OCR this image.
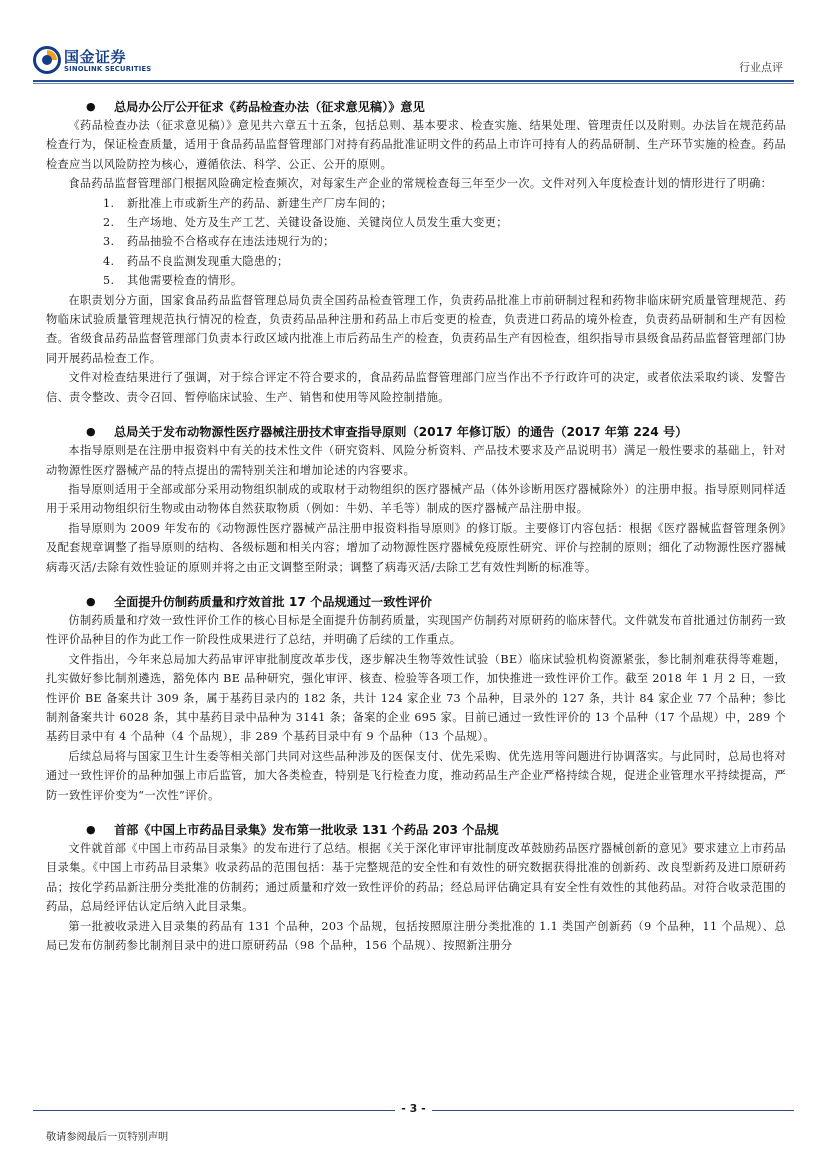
国金证券
SINOLINK SECURITIES	行业点评
● 总局办公厅公开征求《药品检查办法（征求意见稿）》意见

《药品检查办法（征求意见稿）》意见共六章五十五条，包括总则、基本要求、检查实施、结果处理、管理责任以及附则。办法旨在规范药品检查行为，保证检查质量，适用于食品药品监督管理部门对持有药品批准证明文件的药品上市许可持有人的药品研制、生产环节实施的检查。药品检查应当以风险防控为核心，遵循依法、科学、公正、公开的原则。

食品药品监督管理部门根据风险确定检查频次，对每家生产企业的常规检查每三年至少一次。文件对列入年度检查计划的情形进行了明确：

1. 新批准上市或新生产的药品、新建生产厂房车间的；
2. 生产场地、处方及生产工艺、关键设备设施、关键岗位人员发生重大变更；
3. 药品抽验不合格或存在违法违规行为的；
4. 药品不良监测发现重大隐患的；
5. 其他需要检查的情形。

在职责划分方面，国家食品药品监督管理总局负责全国药品检查管理工作，负责药品批准上市前研制过程和药物非临床研究质量管理规范、药物临床试验质量管理规范执行情况的检查，负责药品品种注册和药品上市后变更的检查，负责进口药品的境外检查，负责药品研制和生产有因检查。省级食品药品监督管理部门负责本行政区域内批准上市后药品生产的检查，负责药品生产有因检查，组织指导市县级食品药品监督管理部门协同开展药品检查工作。

文件对检查结果进行了强调，对于综合评定不符合要求的，食品药品监督管理部门应当作出不予行政许可的决定，或者依法采取约谈、发警告信、责令整改、责令召回、暂停临床试验、生产、销售和使用等风险控制措施。

● 总局关于发布动物源性医疗器械注册技术审查指导原则（2017 年修订版）的通告（2017 年第 224 号）

本指导原则是在注册申报资料中有关的技术性文件（研究资料、风险分析资料、产品技术要求及产品说明书）满足一般性要求的基础上，针对动物源性医疗器械产品的特点提出的需特别关注和增加论述的内容要求。

指导原则适用于全部或部分采用动物组织制成的或取材于动物组织的医疗器械产品（体外诊断用医疗器械除外）的注册申报。指导原则同样适用于采用动物组织衍生物或由动物体自然获取物质（例如：牛奶、羊毛等）制成的医疗器械产品注册申报。

指导原则为 2009 年发布的《动物源性医疗器械产品注册申报资料指导原则》的修订版。主要修订内容包括：根据《医疗器械监督管理条例》及配套规章调整了指导原则的结构、各级标题和相关内容；增加了动物源性医疗器械免疫原性研究、评价与控制的原则；细化了动物源性医疗器械病毒灭活/去除有效性验证的原则并将之由正文调整至附录；调整了病毒灭活/去除工艺有效性判断的标准等。

● 全面提升仿制药质量和疗效首批 17 个品规通过一致性评价

仿制药质量和疗效一致性评价工作的核心目标是全面提升仿制药质量，实现国产仿制药对原研药的临床替代。文件就发布首批通过仿制药一致性评价品种目的作为此工作一阶段性成果进行了总结，并明确了后续的工作重点。

文件指出，今年来总局加大药品审评审批制度改革步伐，逐步解决生物等效性试验（BE）临床试验机构资源紧张，参比制剂难获得等难题，扎实做好参比制剂遴选，豁免体内 BE 品种研究，强化审评、核查、检验等各项工作，加快推进一致性评价工作。截至 2018 年 1 月 2 日，一致性评价 BE 备案共计 309 条，属于基药目录内的 182 条，共计 124 家企业 73 个品种，目录外的 127 条，共计 84 家企业 77 个品种；参比制剂备案共计 6028 条，其中基药目录中品种为 3141 条；备案的企业 695 家。目前已通过一致性评价的 13 个品种（17 个品规）中，289 个基药目录中有 4 个品种（4 个品规），非 289 个基药目录中有 9 个品种（13 个品规）。

后续总局将与国家卫生计生委等相关部门共同对这些品种涉及的医保支付、优先采购、优先选用等问题进行协调落实。与此同时，总局也将对通过一致性评价的品种加强上市后监管，加大各类检查，特别是飞行检查力度，推动药品生产企业严格持续合规，促进企业管理水平持续提高，严防一致性评价变为“一次性”评价。

● 首部《中国上市药品目录集》发布第一批收录 131 个药品 203 个品规

文件就首部《中国上市药品目录集》的发布进行了总结。根据《关于深化审评审批制度改革鼓励药品医疗器械创新的意见》要求建立上市药品目录集。《中国上市药品目录集》收录药品的范围包括：基于完整规范的安全性和有效性的研究数据获得批准的创新药、改良型新药及进口原研药品；按化学药品新注册分类批准的仿制药；通过质量和疗效一致性评价的药品；经总局评估确定具有安全性有效性的其他药品。对符合收录范围的药品，总局经评估认定后纳入此目录集。

第一批被收录进入目录集的药品有 131 个品种，203 个品规，包括按照原注册分类批准的 1.1 类国产创新药（9 个品种，11 个品规）、总局已发布仿制药参比制剂目录中的进口原研药品（98 个品种，156 个品规）、按照新注册分

- 3 -
敬请参阅最后一页特别声明
